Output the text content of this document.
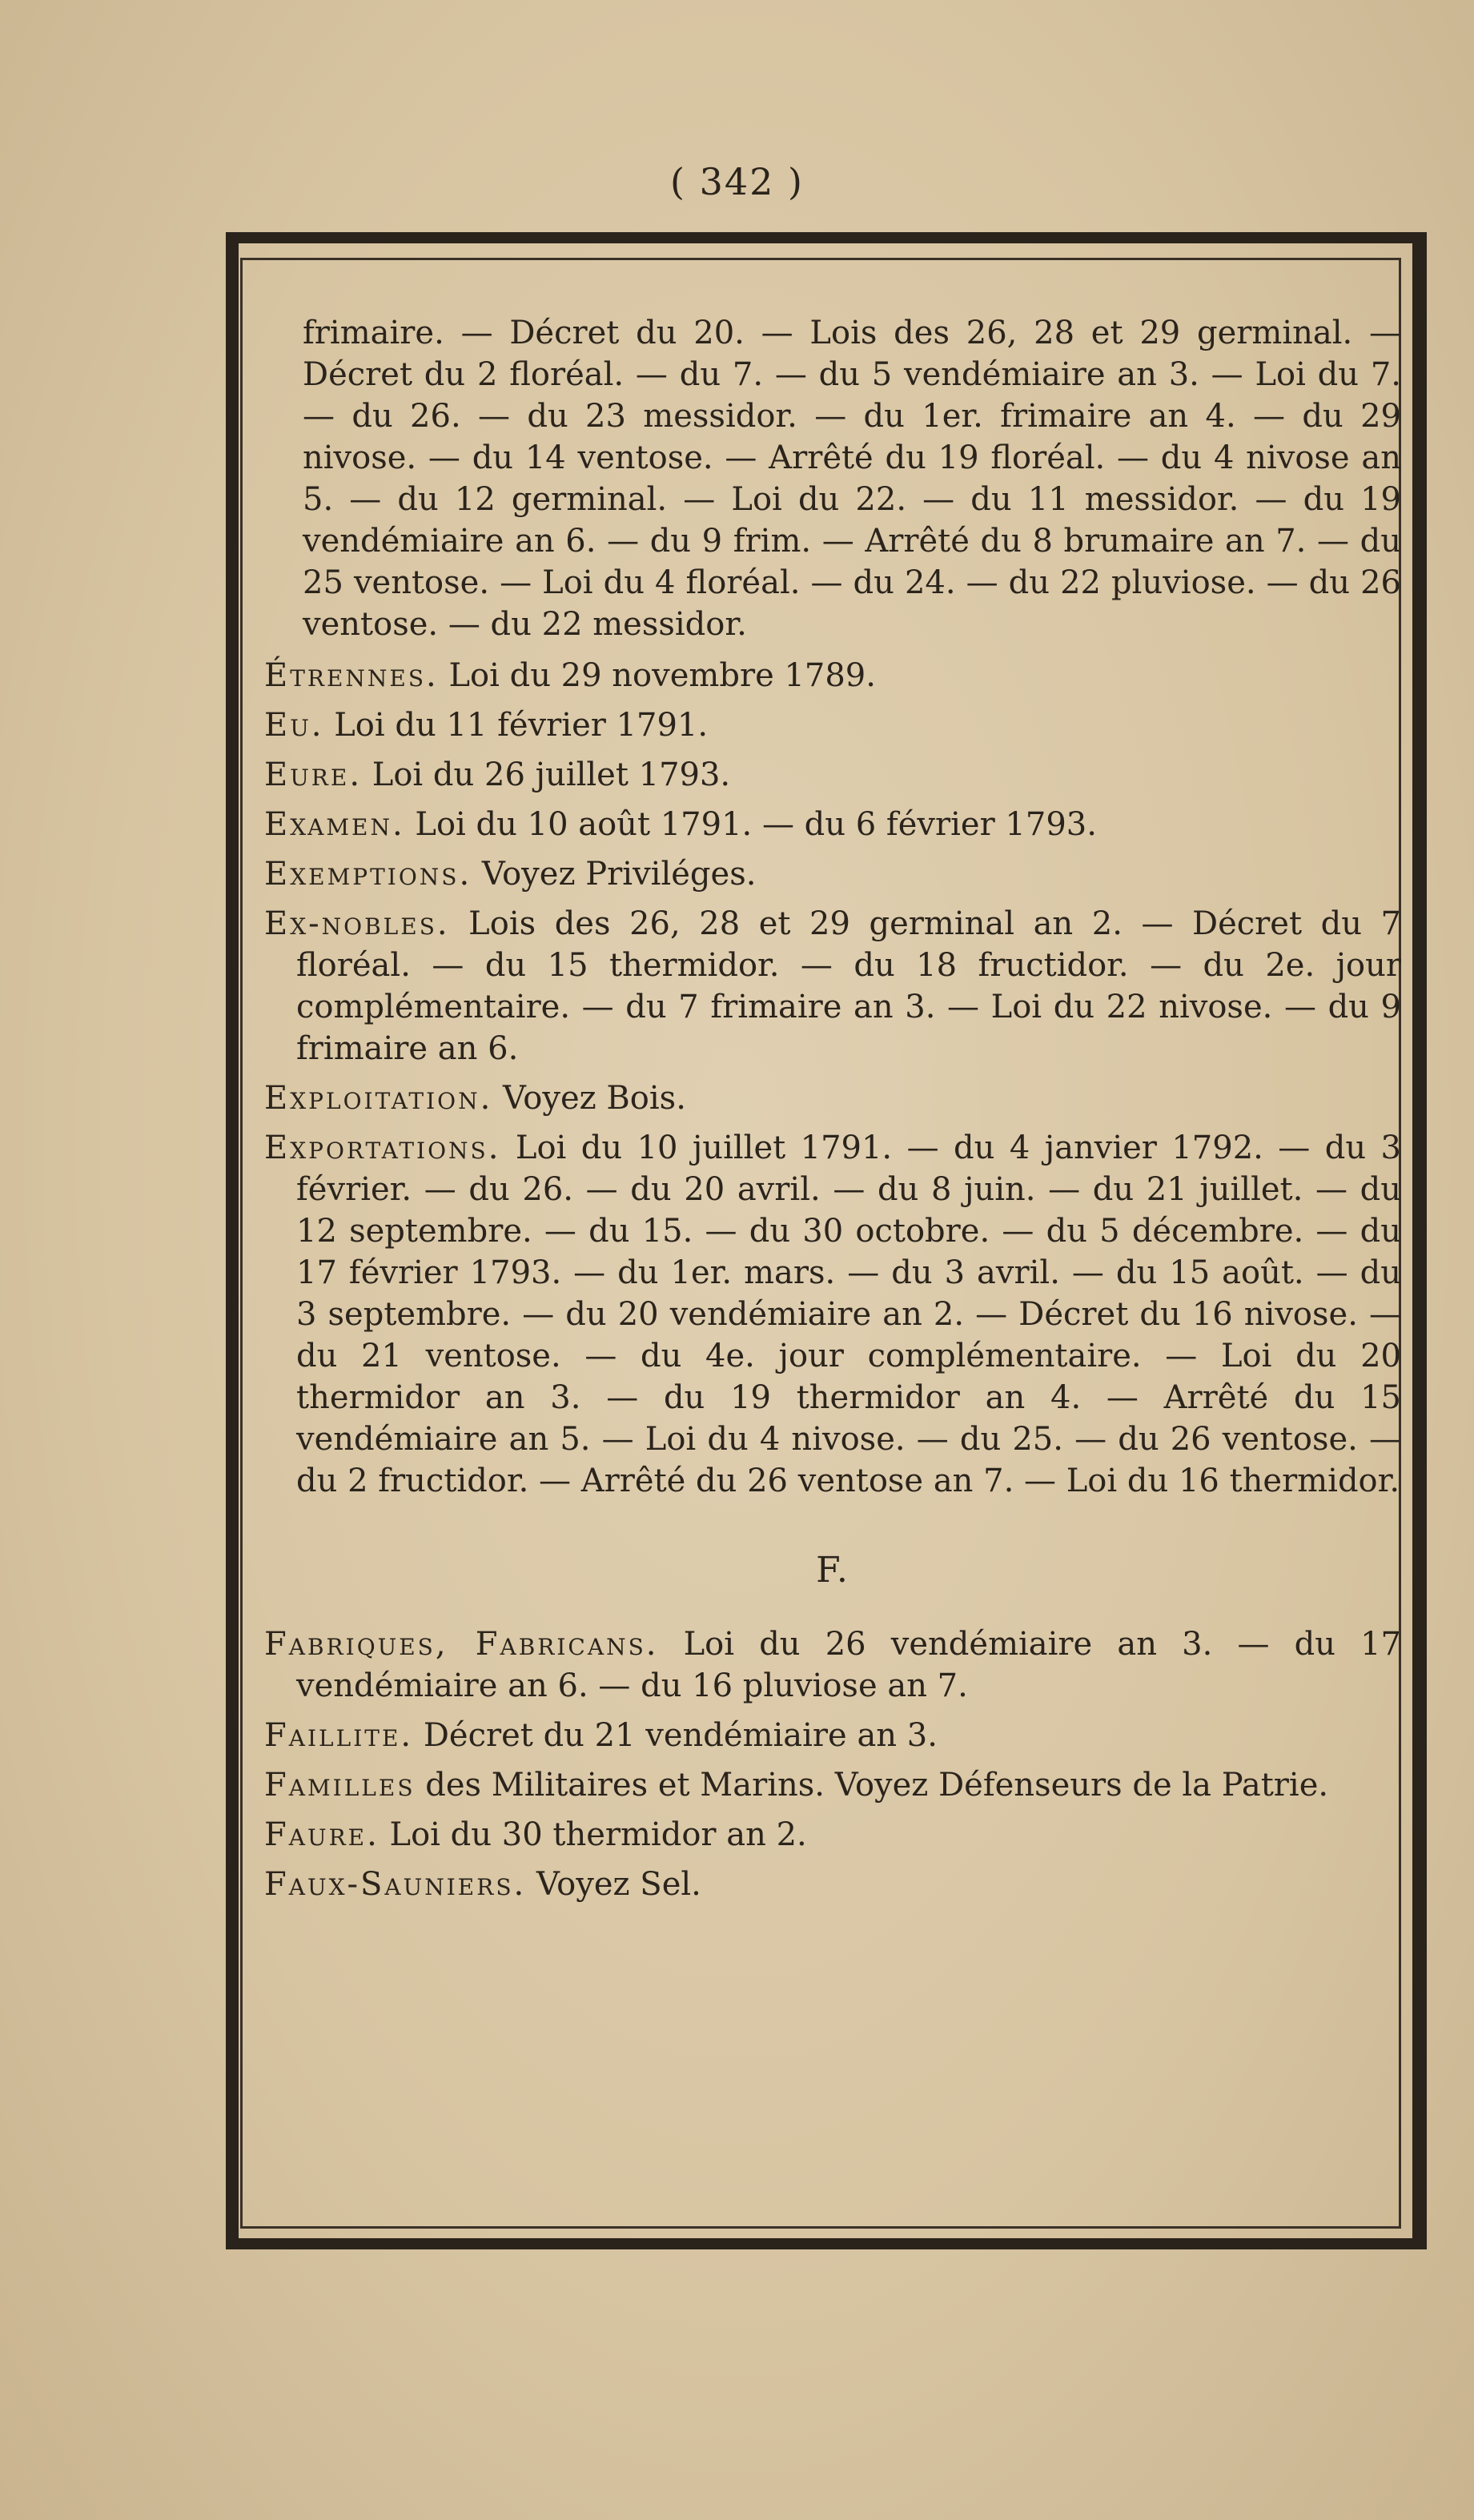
( 342 )

frimaire. — Décret du 20. — Lois des 26, 28 et 29 germinal. — Décret du 2 floréal. — du 7. — du 5 vendémiaire an 3. — Loi du 7. — du 26. — du 23 messidor. — du 1er. frimaire an 4. — du 29 nivose. — du 14 ventose. — Arrêté du 19 floréal. — du 4 nivose an 5. — du 12 germinal. — Loi du 22. — du 11 messidor. — du 19 vendémiaire an 6. — du 9 frim. — Arrêté du 8 brumaire an 7. — du 25 ventose. — Loi du 4 floréal. — du 24. — du 22 pluviose. — du 26 ventose. — du 22 messidor.

Étrennes. Loi du 29 novembre 1789.

Eu. Loi du 11 février 1791.

Eure. Loi du 26 juillet 1793.

Examen. Loi du 10 août 1791. — du 6 février 1793.

Exemptions. Voyez Priviléges.

Ex-nobles. Lois des 26, 28 et 29 germinal an 2. — Décret du 7 floréal. — du 15 thermidor. — du 18 fructidor. — du 2e. jour complémentaire. — du 7 frimaire an 3. — Loi du 22 nivose. — du 9 frimaire an 6.

Exploitation. Voyez Bois.

Exportations. Loi du 10 juillet 1791. — du 4 janvier 1792. — du 3 février. — du 26. — du 20 avril. — du 8 juin. — du 21 juillet. — du 12 septembre. — du 15. — du 30 octobre. — du 5 décembre. — du 17 février 1793. — du 1er. mars. — du 3 avril. — du 15 août. — du 3 septembre. — du 20 vendémiaire an 2. — Décret du 16 nivose. — du 21 ventose. — du 4e. jour complémentaire. — Loi du 20 thermidor an 3. — du 19 thermidor an 4. — Arrêté du 15 vendémiaire an 5. — Loi du 4 nivose. — du 25. — du 26 ventose. — du 2 fructidor. — Arrêté du 26 ventose an 7. — Loi du 16 thermidor.

F.

Fabriques, Fabricans. Loi du 26 vendémiaire an 3. — du 17 vendémiaire an 6. — du 16 pluviose an 7.

Faillite. Décret du 21 vendémiaire an 3.

Familles des Militaires et Marins. Voyez Défenseurs de la Patrie.

Faure. Loi du 30 thermidor an 2.

Faux-Sauniers. Voyez Sel.
